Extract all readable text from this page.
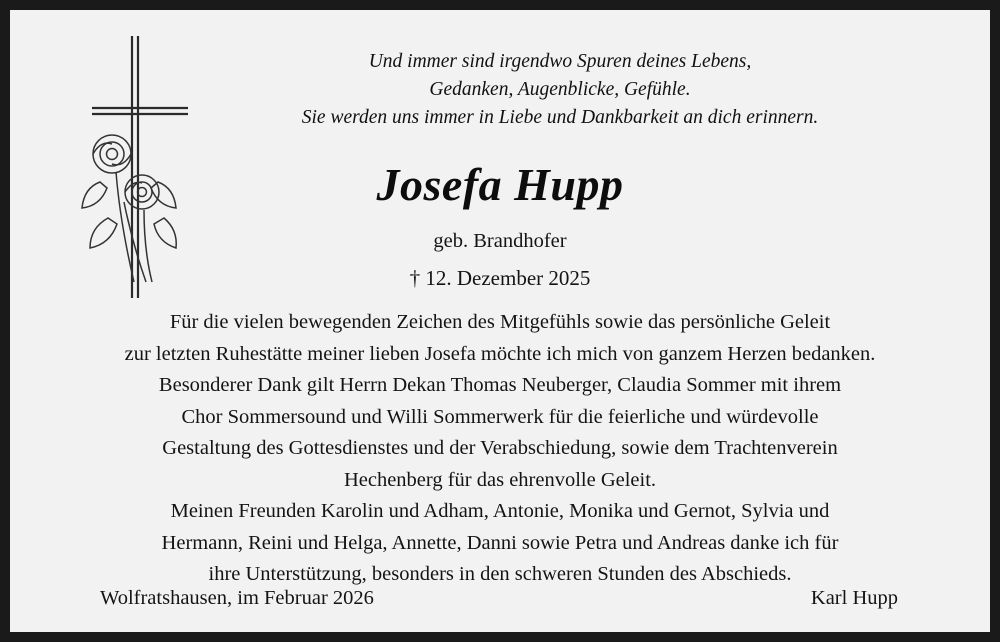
Und immer sind irgendwo Spuren deines Lebens,
Gedanken, Augenblicke, Gefühle.
Sie werden uns immer in Liebe und Dankbarkeit an dich erinnern.
Josefa Hupp
geb. Brandhofer
† 12. Dezember 2025
Für die vielen bewegenden Zeichen des Mitgefühls sowie das persönliche Geleit
zur letzten Ruhestätte meiner lieben Josefa möchte ich mich von ganzem Herzen bedanken.
Besonderer Dank gilt Herrn Dekan Thomas Neuberger, Claudia Sommer mit ihrem
Chor Sommersound und Willi Sommerwerk für die feierliche und würdevolle
Gestaltung des Gottesdienstes und der Verabschiedung, sowie dem Trachtenverein
Hechenberg für das ehrenvolle Geleit.
Meinen Freunden Karolin und Adham, Antonie, Monika und Gernot, Sylvia und
Hermann, Reini und Helga, Annette, Danni sowie Petra und Andreas danke ich für
ihre Unterstützung, besonders in den schweren Stunden des Abschieds.
Wolfratshausen, im Februar 2026	Karl Hupp
